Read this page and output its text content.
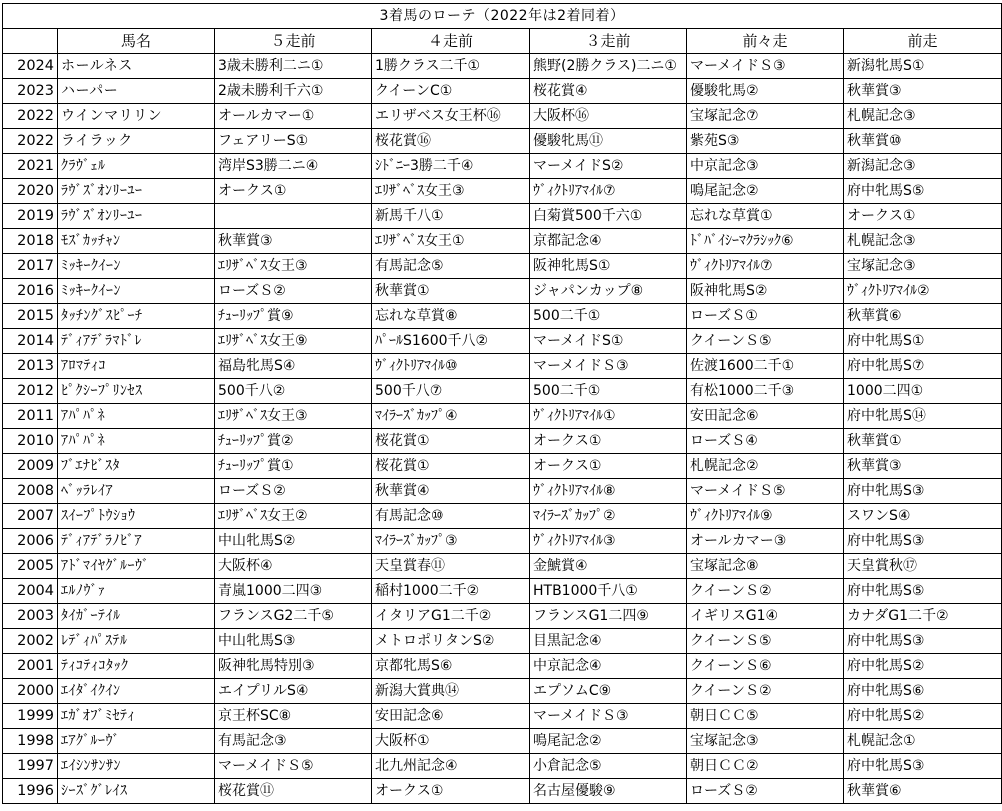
3着馬のローテ（2022年は2着同着）						
	馬名	５走前	４走前	３走前	前々走	前走
2024	ホールネス	3歳未勝利二ニ①	1勝クラス二千①	熊野(2勝クラス)二ニ①	マーメイドＳ③	新潟牝馬S①
2023	ハーパー	2歳未勝利千六①	クイーンC①	桜花賞④	優駿牝馬②	秋華賞③
2022	ウインマリリン	オールカマー①	エリザベス女王杯⑯	大阪杯⑯	宝塚記念⑦	札幌記念③
2022	ライラック	フェアリーS①	桜花賞⑯	優駿牝馬⑪	紫苑S③	秋華賞⑩
2021	ｸﾗｳﾞｪﾙ	湾岸S3勝二ニ④	ｼﾄﾞﾆｰ3勝二千④	マーメイドS②	中京記念③	新潟記念③
2020	ﾗｳﾞｽﾞｵﾝﾘｰﾕｰ	オークス①	ｴﾘｻﾞﾍﾞｽ女王③	ｳﾞｨｸﾄﾘｱﾏｲﾙ⑦	鳴尾記念②	府中牝馬S⑤
2019	ﾗｳﾞｽﾞｵﾝﾘｰﾕｰ		新馬千八①	白菊賞500千六①	忘れな草賞①	オークス①
2018	ﾓｽﾞｶｯﾁｬﾝ	秋華賞③	ｴﾘｻﾞﾍﾞｽ女王①	京都記念④	ﾄﾞﾊﾞｲｼｰﾏｸﾗｼｯｸ⑥	札幌記念③
2017	ﾐｯｷｰｸｲｰﾝ	ｴﾘｻﾞﾍﾞｽ女王③	有馬記念⑤	阪神牝馬S①	ｳﾞｨｸﾄﾘｱﾏｲﾙ⑦	宝塚記念③
2016	ﾐｯｷｰｸｲｰﾝ	ローズＳ②	秋華賞①	ジャパンカップ⑧	阪神牝馬S②	ｳﾞｨｸﾄﾘｱﾏｲﾙ②
2015	ﾀｯﾁﾝｸﾞｽﾋﾟｰﾁ	ﾁｭｰﾘｯﾌﾟ賞⑨	忘れな草賞⑧	500二千①	ローズＳ①	秋華賞⑥
2014	ﾃﾞｨｱﾃﾞﾗﾏﾄﾞﾚ	ｴﾘｻﾞﾍﾞｽ女王⑨	ﾊﾟｰﾙS1600千八②	マーメイドS①	クイーンＳ⑤	府中牝馬S①
2013	ｱﾛﾏﾃｨｺ	福島牝馬S④	ｳﾞｨｸﾄﾘｱﾏｲﾙ⑩	マーメイドＳ③	佐渡1600二千①	府中牝馬S⑦
2012	ﾋﾟｸｼｰﾌﾟﾘﾝｾｽ	500千八②	500千八⑦	500二千①	有松1000二千③	1000二四①
2011	ｱﾊﾟﾊﾟﾈ	ｴﾘｻﾞﾍﾞｽ女王③	ﾏｲﾗｰｽﾞｶｯﾌﾟ④	ｳﾞｨｸﾄﾘｱﾏｲﾙ①	安田記念⑥	府中牝馬S⑭
2010	ｱﾊﾟﾊﾟﾈ	ﾁｭｰﾘｯﾌﾟ賞②	桜花賞①	オークス①	ローズＳ④	秋華賞①
2009	ﾌﾞｴﾅﾋﾞｽﾀ	ﾁｭｰﾘｯﾌﾟ賞①	桜花賞①	オークス①	札幌記念②	秋華賞③
2008	ﾍﾞｯﾗﾚｲｱ	ローズＳ②	秋華賞④	ｳﾞｨｸﾄﾘｱﾏｲﾙ⑧	マーメイドＳ⑤	府中牝馬S③
2007	ｽｲｰﾌﾟﾄｳｼｮｳ	ｴﾘｻﾞﾍﾞｽ女王②	有馬記念⑩	ﾏｲﾗｰｽﾞｶｯﾌﾟ②	ｳﾞｨｸﾄﾘｱﾏｲﾙ⑨	スワンS④
2006	ﾃﾞｨｱﾃﾞﾗﾉﾋﾞｱ	中山牝馬S②	ﾏｲﾗｰｽﾞｶｯﾌﾟ③	ｳﾞｨｸﾄﾘｱﾏｲﾙ③	オールカマー③	府中牝馬S③
2005	ｱﾄﾞﾏｲﾔｸﾞﾙｰｳﾞ	大阪杯④	天皇賞春⑪	金鯱賞④	宝塚記念⑧	天皇賞秋⑰
2004	ｴﾙﾉｳﾞｧ	青嵐1000二四③	稲村1000二千②	HTB1000千八①	クイーンＳ②	府中牝馬S⑤
2003	ﾀｲｶﾞｰﾃｲﾙ	フランスG2二千⑤	イタリアG1二千②	フランスG1二四⑨	イギリスG1④	カナダG1二千②
2002	ﾚﾃﾞｨﾊﾟｽﾃﾙ	中山牝馬S③	メトロポリタンS②	目黒記念④	クイーンＳ⑤	府中牝馬S③
2001	ﾃｨｺﾃｨｺﾀｯｸ	阪神牝馬特別③	京都牝馬S⑥	中京記念④	クイーンＳ⑥	府中牝馬S②
2000	ｴｲﾀﾞｲｸｲﾝ	エイプリルS④	新潟大賞典⑭	エプソムC⑨	クイーンＳ②	府中牝馬S⑥
1999	ｴｶﾞｵﾌﾞﾐｾﾃｨ	京王杯SC⑧	安田記念⑥	マーメイドＳ③	朝日ＣＣ⑤	府中牝馬S②
1998	ｴｱｸﾞﾙｰｳﾞ	有馬記念③	大阪杯①	鳴尾記念②	宝塚記念③	札幌記念①
1997	ｴｲｼﾝｻﾝｻﾝ	マーメイドＳ⑤	北九州記念④	小倉記念⑤	朝日ＣＣ②	府中牝馬S③
1996	ｼｰｽﾞｸﾞﾚｲｽ	桜花賞⑪	オークス①	名古屋優駿⑨	ローズＳ②	秋華賞⑥
